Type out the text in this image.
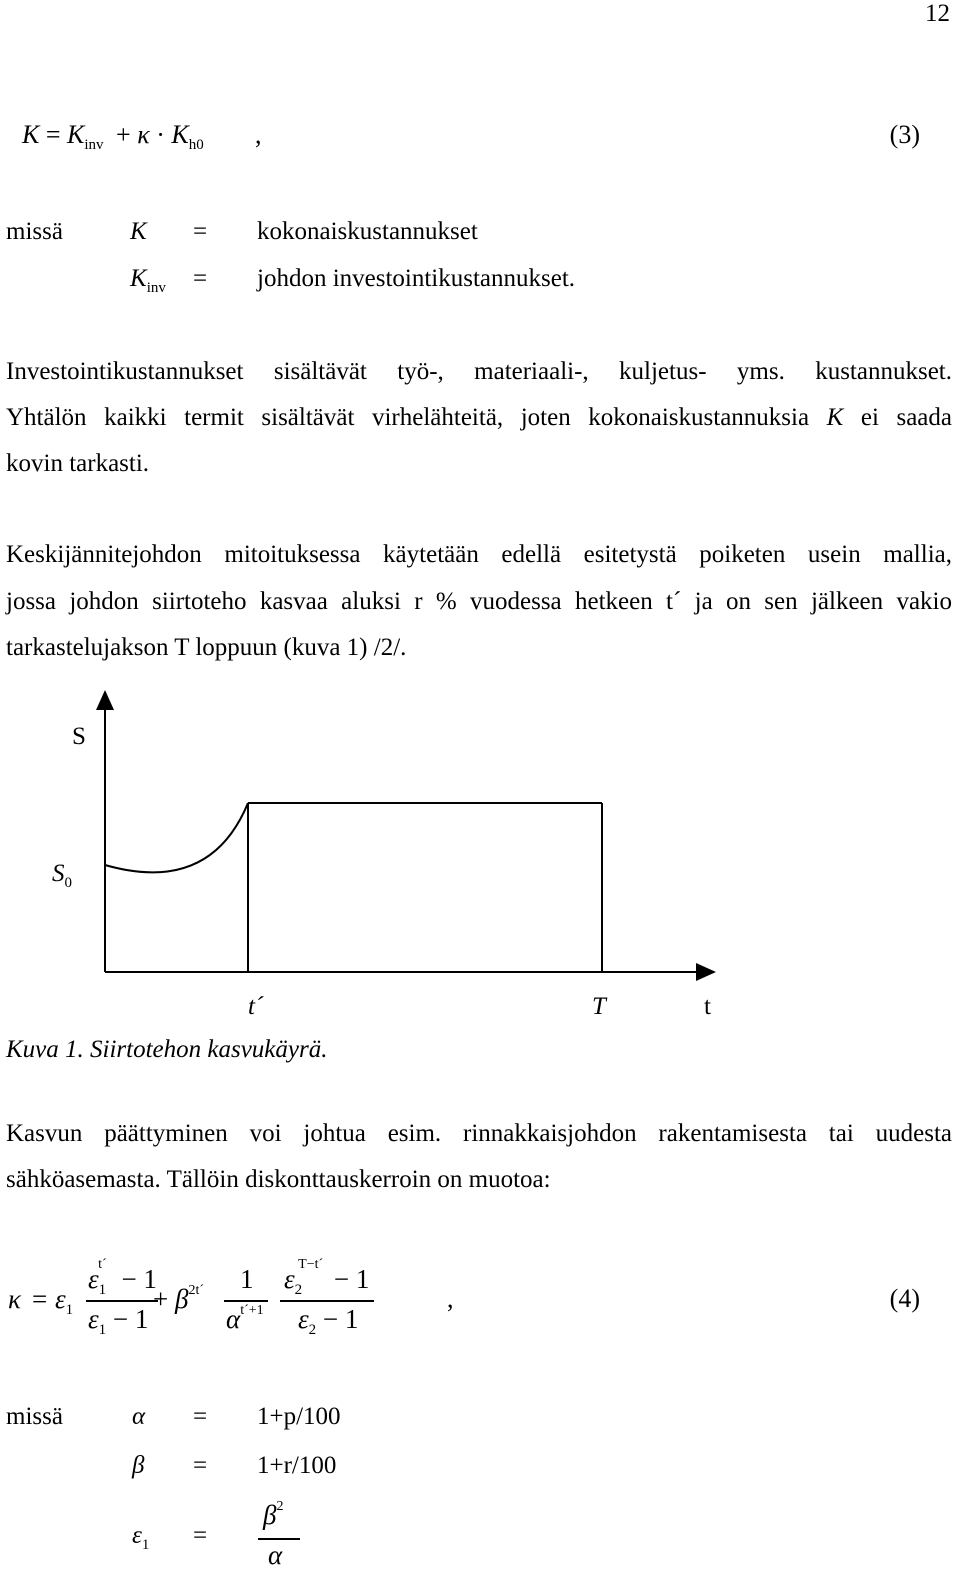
12
$K = K_{inv} + \kappa \cdot K_{h0}$ ,	(3)
missä	K = kokonaiskustannukset
$K_{inv}$ = johdon investointikustannukset.
Investointikustannukset sisältävät työ-, materiaali-, kuljetus- yms. kustannukset.
Yhtälön kaikki termit sisältävät virhelähteitä, joten kokonaiskustannuksia K ei saada
kovin tarkasti.
Keskijännitejohdon mitoituksessa käytetään edellä esitetystä poiketen usein mallia,
jossa johdon siirtoteho kasvaa aluksi r % vuodessa hetkeen t´ ja on sen jälkeen vakio
tarkastelujakson T loppuun (kuva 1) /2/.
S
$S_0$
t´	T	t
Kuva 1. Siirtotehon kasvukäyrä.
Kasvun päättyminen voi johtua esim. rinnakkaisjohdon rakentamisesta tai uudesta
sähköasemasta. Tällöin diskonttauskerroin on muotoa:
$\kappa = \varepsilon_1$
$\varepsilon_1^{t´} - 1$
$\varepsilon_1 - 1$
+ $\beta^{2t´}$ 1
$\alpha^{t´+1}$
$\varepsilon_2^{T-t´} - 1$
$\varepsilon_2 - 1$
,	(4)
missä	α = 1+p/100
β = 1+r/100
$\varepsilon_1$ =
$\beta^2$
α
